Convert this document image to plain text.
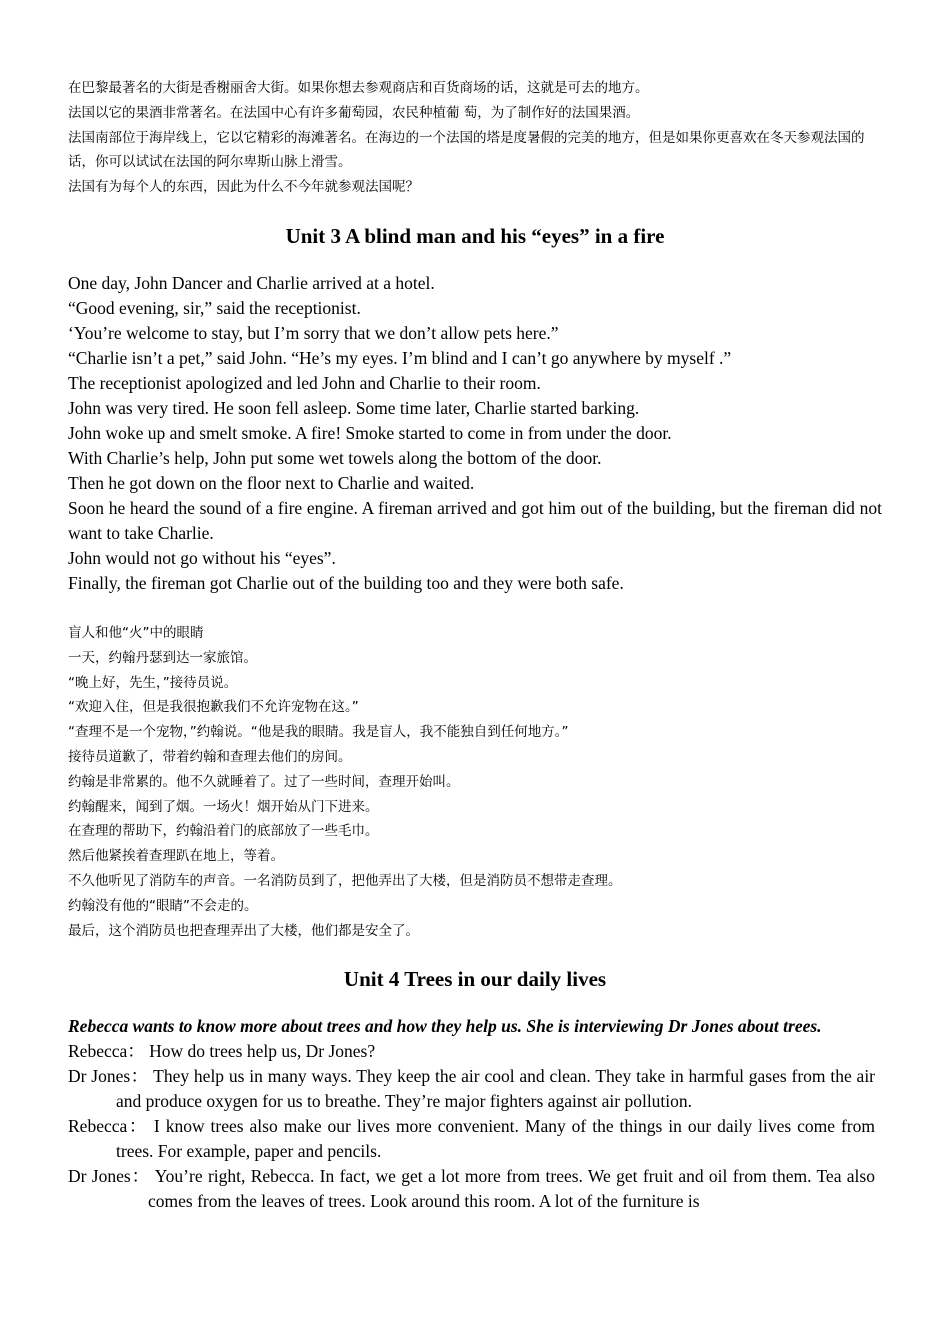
在巴黎最著名的大街是香榭丽舍大街。如果你想去参观商店和百货商场的话，这就是可去的地方。

法国以它的果酒非常著名。在法国中心有许多葡萄园，农民种植葡 萄，为了制作好的法国果酒。

法国南部位于海岸线上，它以它精彩的海滩著名。在海边的一个法国的塔是度暑假的完美的地方，但是如果你更喜欢在冬天参观法国的话，你可以试试在法国的阿尔卑斯山脉上滑雪。

法国有为每个人的东西，因此为什么不今年就参观法国呢？

Unit 3 A blind man and his “eyes” in a fire

One day, John Dancer and Charlie arrived at a hotel.

“Good evening, sir,” said the receptionist.

‘You’re welcome to stay, but I’m sorry that we don’t allow pets here.”

“Charlie isn’t a pet,” said John. “He’s my eyes. I’m blind and I can’t go anywhere by myself .”

The receptionist apologized and led John and Charlie to their room.

John was very tired. He soon fell asleep. Some time later, Charlie started barking.

John woke up and smelt smoke. A fire! Smoke started to come in from under the door.

With Charlie’s help, John put some wet towels along the bottom of the door.

Then he got down on the floor next to Charlie and waited.

Soon he heard the sound of a fire engine. A fireman arrived and got him out of the building, but the fireman did not want to take Charlie.

John would not go without his “eyes”.

Finally, the fireman got Charlie out of the building too and they were both safe.

盲人和他“火”中的眼睛

一天，约翰丹瑟到达一家旅馆。

“晚上好，先生，”接待员说。

“欢迎入住，但是我很抱歉我们不允许宠物在这。”

“查理不是一个宠物，”约翰说。“他是我的眼睛。我是盲人，我不能独自到任何地方。”

接待员道歉了，带着约翰和查理去他们的房间。

约翰是非常累的。他不久就睡着了。过了一些时间，查理开始叫。

约翰醒来，闻到了烟。一场火！烟开始从门下进来。

在查理的帮助下，约翰沿着门的底部放了一些毛巾。

然后他紧挨着查理趴在地上，等着。

不久他听见了消防车的声音。一名消防员到了，把他弄出了大楼，但是消防员不想带走查理。

约翰没有他的“眼睛”不会走的。

最后，这个消防员也把查理弄出了大楼，他们都是安全了。

Unit 4 Trees in our daily lives

Rebecca wants to know more about trees and how they help us. She is interviewing Dr Jones about trees.

Rebecca： How do trees help us, Dr Jones?

Dr Jones： They help us in many ways. They keep the air cool and clean. They take in harmful gases from the air and produce oxygen for us to breathe. They’re major fighters against air pollution.

Rebecca： I know trees also make our lives more convenient. Many of the things in our daily lives come from trees. For example, paper and pencils.

Dr Jones： You’re right, Rebecca. In fact, we get a lot more from trees. We get fruit and oil from them. Tea also comes from the leaves of trees. Look around this room. A lot of the furniture is
